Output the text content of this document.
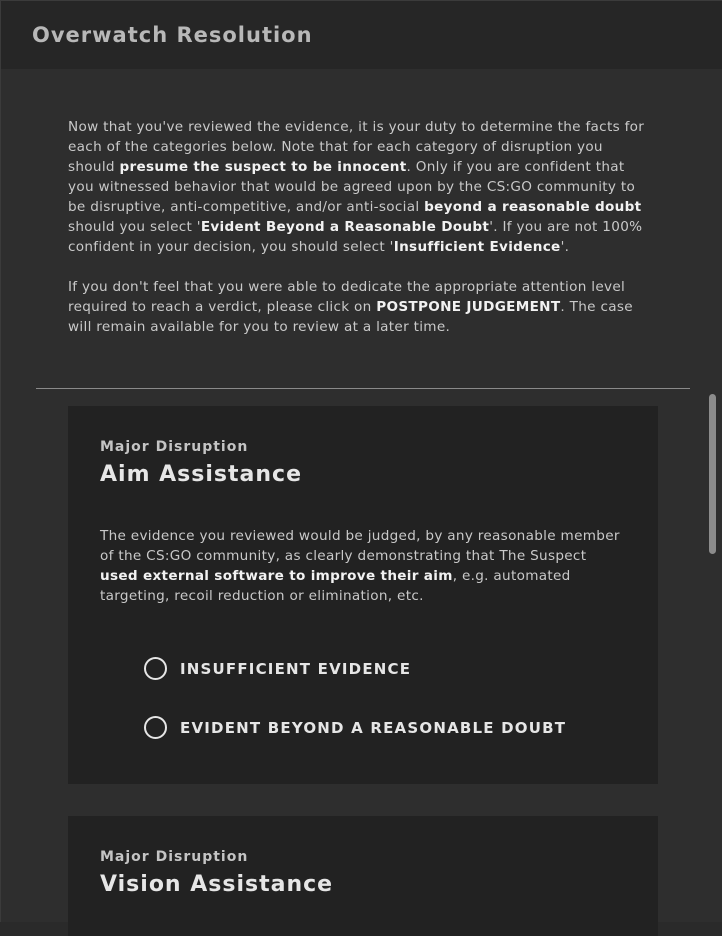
Overwatch Resolution

Now that you've reviewed the evidence, it is your duty to determine the facts for each of the categories below. Note that for each category of disruption you should presume the suspect to be innocent. Only if you are confident that you witnessed behavior that would be agreed upon by the CS:GO community to be disruptive, anti-competitive, and/or anti-social beyond a reasonable doubt should you select 'Evident Beyond a Reasonable Doubt'. If you are not 100% confident in your decision, you should select 'Insufficient Evidence'.

If you don't feel that you were able to dedicate the appropriate attention level required to reach a verdict, please click on POSTPONE JUDGEMENT. The case will remain available for you to review at a later time.

Major Disruption
Aim Assistance
The evidence you reviewed would be judged, by any reasonable member of the CS:GO community, as clearly demonstrating that The Suspect used external software to improve their aim, e.g. automated targeting, recoil reduction or elimination, etc.
INSUFFICIENT EVIDENCE
EVIDENT BEYOND A REASONABLE DOUBT
Major Disruption
Vision Assistance
